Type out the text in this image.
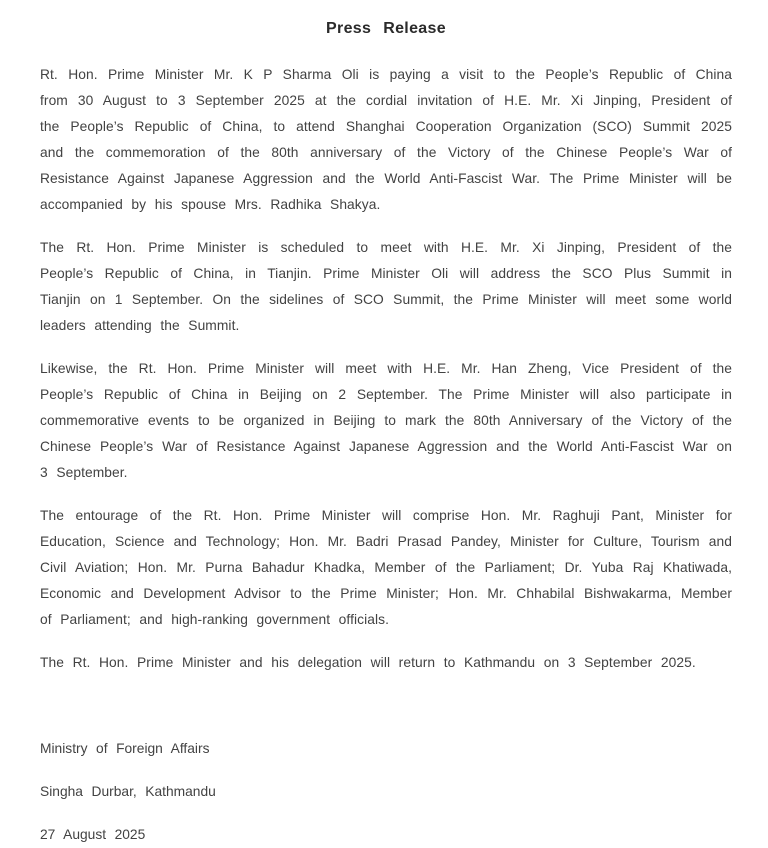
Press Release

Rt. Hon. Prime Minister Mr. K P Sharma Oli is paying a visit to the People’s Republic of China from 30 August to 3 September 2025 at the cordial invitation of H.E. Mr. Xi Jinping, President of the People’s Republic of China, to attend Shanghai Cooperation Organization (SCO) Summit 2025 and the commemoration of the 80th anniversary of the Victory of the Chinese People’s War of Resistance Against Japanese Aggression and the World Anti-Fascist War. The Prime Minister will be accompanied by his spouse Mrs. Radhika Shakya.

The Rt. Hon. Prime Minister is scheduled to meet with H.E. Mr. Xi Jinping, President of the People’s Republic of China, in Tianjin. Prime Minister Oli will address the SCO Plus Summit in Tianjin on 1 September. On the sidelines of SCO Summit, the Prime Minister will meet some world leaders attending the Summit.

Likewise, the Rt. Hon. Prime Minister will meet with H.E. Mr. Han Zheng, Vice President of the People’s Republic of China in Beijing on 2 September. The Prime Minister will also participate in commemorative events to be organized in Beijing to mark the 80th Anniversary of the Victory of the Chinese People’s War of Resistance Against Japanese Aggression and the World Anti-Fascist War on 3 September.

The entourage of the Rt. Hon. Prime Minister will comprise Hon. Mr. Raghuji Pant, Minister for Education, Science and Technology; Hon. Mr. Badri Prasad Pandey, Minister for Culture, Tourism and Civil Aviation; Hon. Mr. Purna Bahadur Khadka, Member of the Parliament; Dr. Yuba Raj Khatiwada, Economic and Development Advisor to the Prime Minister; Hon. Mr. Chhabilal Bishwakarma, Member of Parliament; and high-ranking government officials.

The Rt. Hon. Prime Minister and his delegation will return to Kathmandu on 3 September 2025.

Ministry of Foreign Affairs

Singha Durbar, Kathmandu

27 August 2025
